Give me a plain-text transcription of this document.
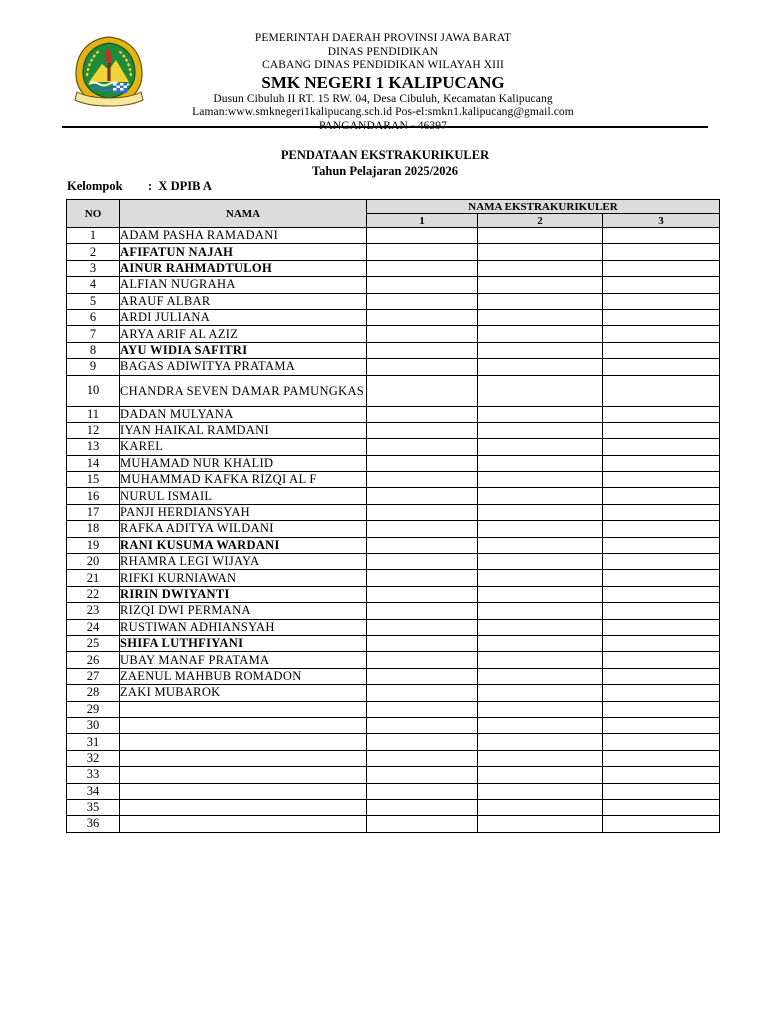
PEMERINTAH DAERAH PROVINSI JAWA BARAT
DINAS PENDIDIKAN
CABANG DINAS PENDIDIKAN WILAYAH XIII
SMK NEGERI 1 KALIPUCANG
Dusun Cibuluh II RT. 15 RW. 04, Desa Cibuluh, Kecamatan Kalipucang
Laman:www.smknegeri1kalipucang.sch.id Pos-el:smkn1.kalipucang@gmail.com
PANGANDARAN - 46397
PENDATAAN EKSTRAKURIKULER
Tahun Pelajaran 2025/2026
Kelompok : X DPIB A
NO	NAMA	NAMA EKSTRAKURIKULER		
		1	2	3
1	ADAM PASHA RAMADANI			
2	AFIFATUN NAJAH			
3	AINUR RAHMADTULOH			
4	ALFIAN NUGRAHA			
5	ARAUF ALBAR			
6	ARDI JULIANA			
7	ARYA ARIF AL AZIZ			
8	AYU WIDIA SAFITRI			
9	BAGAS ADIWITYA PRATAMA			
10	CHANDRA SEVEN DAMAR PAMUNGKAS			
11	DADAN MULYANA			
12	IYAN HAIKAL RAMDANI			
13	KAREL			
14	MUHAMAD NUR KHALID			
15	MUHAMMAD KAFKA RIZQI AL F			
16	NURUL ISMAIL			
17	PANJI HERDIANSYAH			
18	RAFKA ADITYA WILDANI			
19	RANI KUSUMA WARDANI			
20	RHAMRA LEGI WIJAYA			
21	RIFKI KURNIAWAN			
22	RIRIN DWIYANTI			
23	RIZQI DWI PERMANA			
24	RUSTIWAN ADHIANSYAH			
25	SHIFA LUTHFIYANI			
26	UBAY MANAF PRATAMA			
27	ZAENUL MAHBUB ROMADON			
28	ZAKI MUBAROK			
29				
30				
31				
32				
33				
34				
35				
36				
